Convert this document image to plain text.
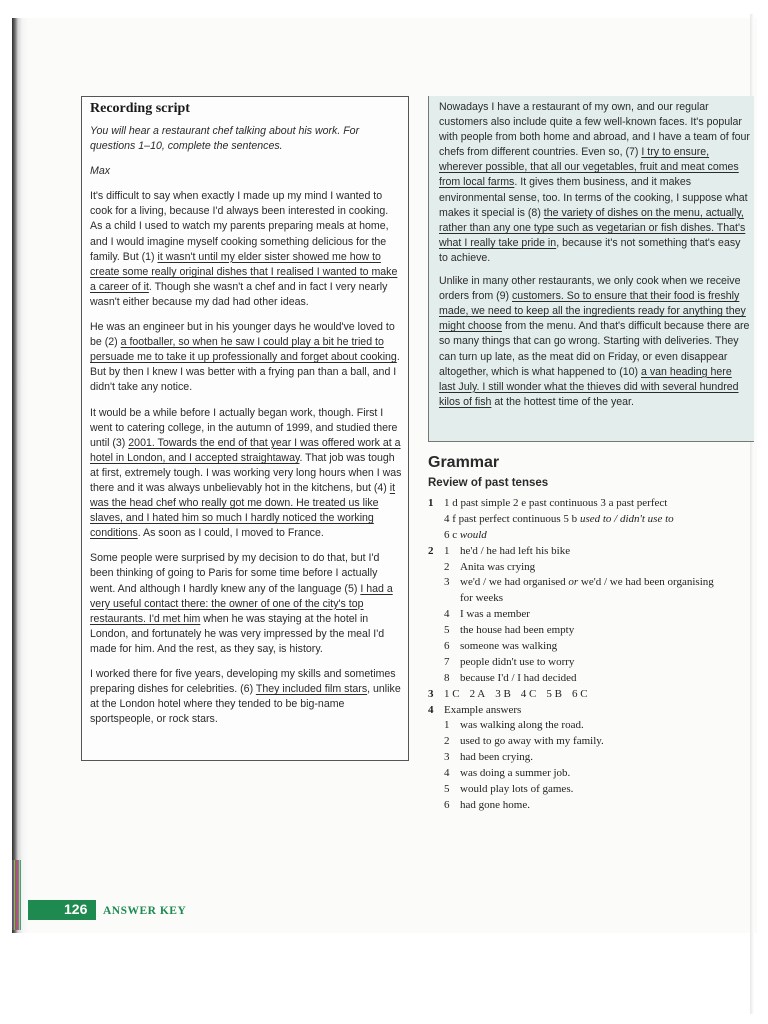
Recording script

You will hear a restaurant chef talking about his work. For questions 1–10, complete the sentences.

Max

It's difficult to say when exactly I made up my mind I wanted to cook for a living, because I'd always been interested in cooking. As a child I used to watch my parents preparing meals at home, and I would imagine myself cooking something delicious for the family. But (1) it wasn't until my elder sister showed me how to create some really original dishes that I realised I wanted to make a career of it. Though she wasn't a chef and in fact I very nearly wasn't either because my dad had other ideas.

He was an engineer but in his younger days he would've loved to be (2) a footballer, so when he saw I could play a bit he tried to persuade me to take it up professionally and forget about cooking. But by then I knew I was better with a frying pan than a ball, and I didn't take any notice.

It would be a while before I actually began work, though. First I went to catering college, in the autumn of 1999, and studied there until (3) 2001. Towards the end of that year I was offered work at a hotel in London, and I accepted straightaway. That job was tough at first, extremely tough. I was working very long hours when I was there and it was always unbelievably hot in the kitchens, but (4) it was the head chef who really got me down. He treated us like slaves, and I hated him so much I hardly noticed the working conditions. As soon as I could, I moved to France.

Some people were surprised by my decision to do that, but I'd been thinking of going to Paris for some time before I actually went. And although I hardly knew any of the language (5) I had a very useful contact there: the owner of one of the city's top restaurants. I'd met him when he was staying at the hotel in London, and fortunately he was very impressed by the meal I'd made for him. And the rest, as they say, is history.

I worked there for five years, developing my skills and sometimes preparing dishes for celebrities. (6) They included film stars, unlike at the London hotel where they tended to be big-name sportspeople, or rock stars.

Nowadays I have a restaurant of my own, and our regular customers also include quite a few well-known faces. It's popular with people from both home and abroad, and I have a team of four chefs from different countries. Even so, (7) I try to ensure, wherever possible, that all our vegetables, fruit and meat comes from local farms. It gives them business, and it makes environmental sense, too. In terms of the cooking, I suppose what makes it special is (8) the variety of dishes on the menu, actually, rather than any one type such as vegetarian or fish dishes. That's what I really take pride in, because it's not something that's easy to achieve.

Unlike in many other restaurants, we only cook when we receive orders from (9) customers. So to ensure that their food is freshly made, we need to keep all the ingredients ready for anything they might choose from the menu. And that's difficult because there are so many things that can go wrong. Starting with deliveries. They can turn up late, as the meat did on Friday, or even disappear altogether, which is what happened to (10) a van heading here last July. I still wonder what the thieves did with several hundred kilos of fish at the hottest time of the year.

Grammar
Review of past tenses
1 1 d past simple 2 e past continuous 3 a past perfect
4 f past perfect continuous 5 b used to / didn't use to
6 c would
2 1 he'd / he had left his bike
2 Anita was crying
3 we'd / we had organised or we'd / we had been organising
for weeks
4 I was a member
5 the house had been empty
6 someone was walking
7 people didn't use to worry
8 because I'd / I had decided
3 1 C 2 A 3 B 4 C 5 B 6 C
4 Example answers
1 was walking along the road.
2 used to go away with my family.
3 had been crying.
4 was doing a summer job.
5 would play lots of games.
6 had gone home.
126 ANSWER KEY
